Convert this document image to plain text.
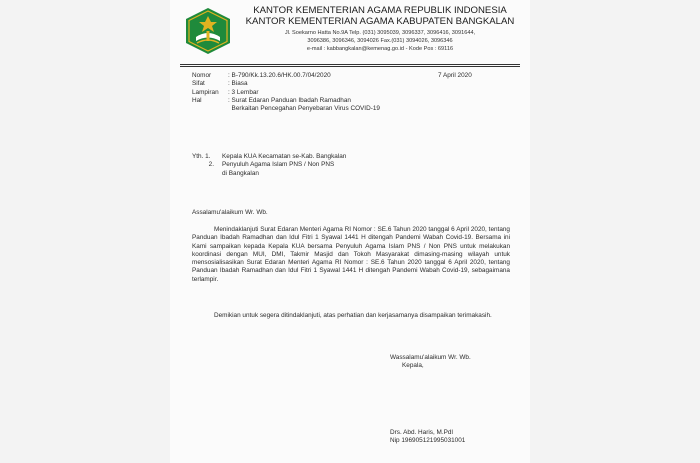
KANTOR KEMENTERIAN AGAMA REPUBLIK INDONESIA
KANTOR KEMENTERIAN AGAMA KABUPATEN BANGKALAN
Jl. Soekarno Hatta No.9A Telp. (031) 3095039, 3096337, 3096416, 3091644,
3096386, 3096346, 3094026 Fax.(031) 3094026, 3096346
e-mail : kabbangkalan@kemenag.go.id - Kode Pos : 69116
Nomor	: B-790/Kk.13.20.6/HK.00.7/04/2020
Sifat	: Biasa
Lampiran	: 3 Lembar
Hal	: Surat Edaran Panduan Ibadah Ramadhan
Berkaitan Pencegahan Penyebaran Virus COVID-19
7 April 2020
Yth. 1.	Kepala KUA Kecamatan se-Kab. Bangkalan
2. Penyuluh Agama Islam PNS / Non PNS
di Bangkalan
Assalamu'alaikum Wr. Wb.
Menindaklanjuti Surat Edaran Menteri Agama RI Nomor : SE.6 Tahun 2020 tanggal 6 April 2020, tentang Panduan Ibadah Ramadhan dan Idul Fitri 1 Syawal 1441 H ditengah Pandemi Wabah Covid-19. Bersama ini Kami sampaikan kepada Kepala KUA bersama Penyuluh Agama Islam PNS / Non PNS untuk melakukan koordinasi dengan MUI, DMI, Takmir Masjid dan Tokoh Masyarakat dimasing-masing wilayah untuk mensosialisasikan Surat Edaran Menteri Agama RI Nomor : SE.6 Tahun 2020 tanggal 6 April 2020, tentang Panduan Ibadah Ramadhan dan Idul Fitri 1 Syawal 1441 H ditengah Pandemi Wabah Covid-19, sebagaimana terlampir.
Demikian untuk segera ditindaklanjuti, atas perhatian dan kerjasamanya disampaikan terimakasih.
Wassalamu'alaikum Wr. Wb.
Kepala,
Drs. Abd. Haris, M.Pdl
Nip 196905121995031001
